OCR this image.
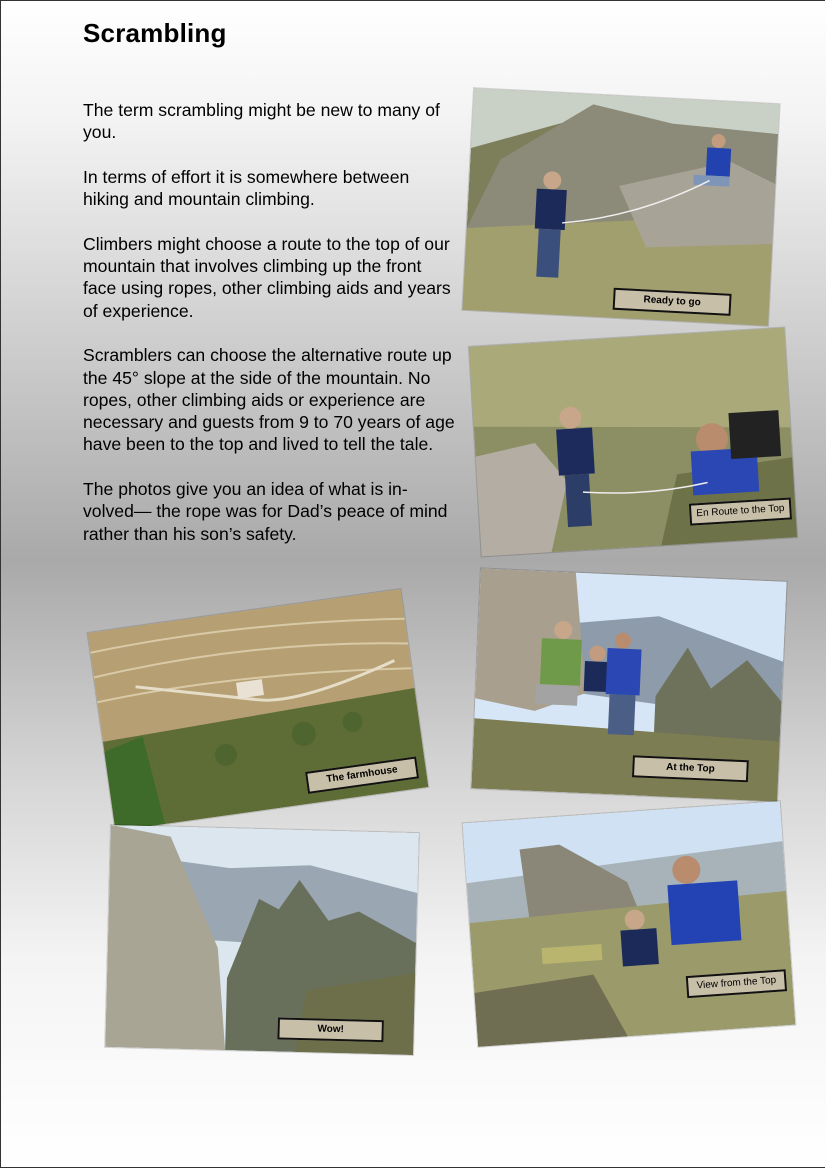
Scrambling

The term scrambling might be new to many of you.

In terms of effort it is somewhere between hiking and mountain climbing.

Climbers might choose a route to the top of our mountain that involves climbing up the front face using ropes, other climbing aids and years of experience.

Scramblers can choose the alternative route up the 45° slope at the side of the mountain. No ropes, other climbing aids or experience are necessary and guests from 9 to 70 years of age have been to the top and lived to tell the tale.

The photos give you an idea of what is in-volved— the rope was for Dad’s peace of mind rather than his son’s safety.

Ready to go
En Route to the Top
The farmhouse	At the Top
Wow!
View from the Top
